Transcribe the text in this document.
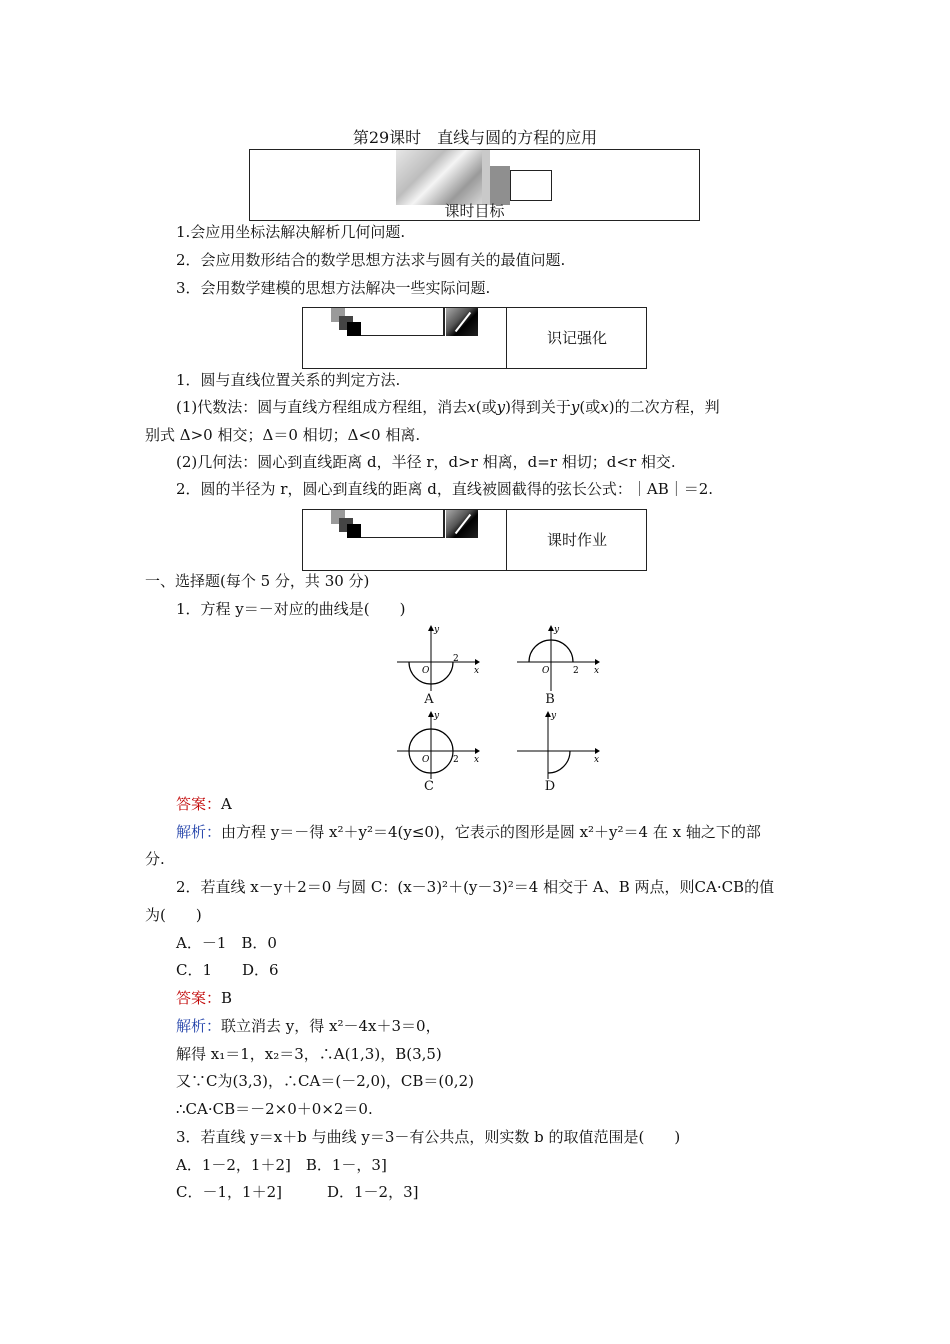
第29课时　直线与圆的方程的应用
课时目标
1.会应用坐标法解决解析几何问题.
2．会应用数形结合的数学思想方法求与圆有关的最值问题.
3．会用数学建模的思想方法解决一些实际问题.
识记强化
1．圆与直线位置关系的判定方法.
(1)代数法：圆与直线方程组成方程组，消去x(或y)得到关于y(或x)的二次方程，判
别式 Δ>0 相交；Δ＝0 相切；Δ<0 相离.
(2)几何法：圆心到直线距离 d，半径 r，d>r 相离，d=r 相切；d<r 相交.
2．圆的半径为 r，圆心到直线的距离 d，直线被圆截得的弦长公式：｜AB｜＝2.
课时作业
一、选择题(每个 5 分，共 30 分)
1．方程 y＝－对应的曲线是(　　)
y
x
O
2
A
y
x
O	2
B
y
x
O	2
C
y
x
D
答案：A
解析：由方程 y＝－得 x²＋y²＝4(y≤0)，它表示的图形是圆 x²＋y²＝4 在 x 轴之下的部
分.
2．若直线 x－y＋2＝0 与圆 C：(x－3)²＋(y－3)²＝4 相交于 A、B 两点，则CA·CB的值
为(　　)
A．－1　B．0
C．1　　D．6
答案：B
解析：联立消去 y，得 x²－4x＋3＝0，
解得 x₁＝1，x₂＝3，∴A(1,3)，B(3,5)
又∵C为(3,3)，∴CA＝(－2,0)，CB＝(0,2)
∴CA·CB＝－2×0＋0×2＝0.
3．若直线 y＝x＋b 与曲线 y＝3－有公共点，则实数 b 的取值范围是(　　)
A．1－2，1＋2]　B．1－，3]
C．－1，1＋2]　　　D．1－2，3]
